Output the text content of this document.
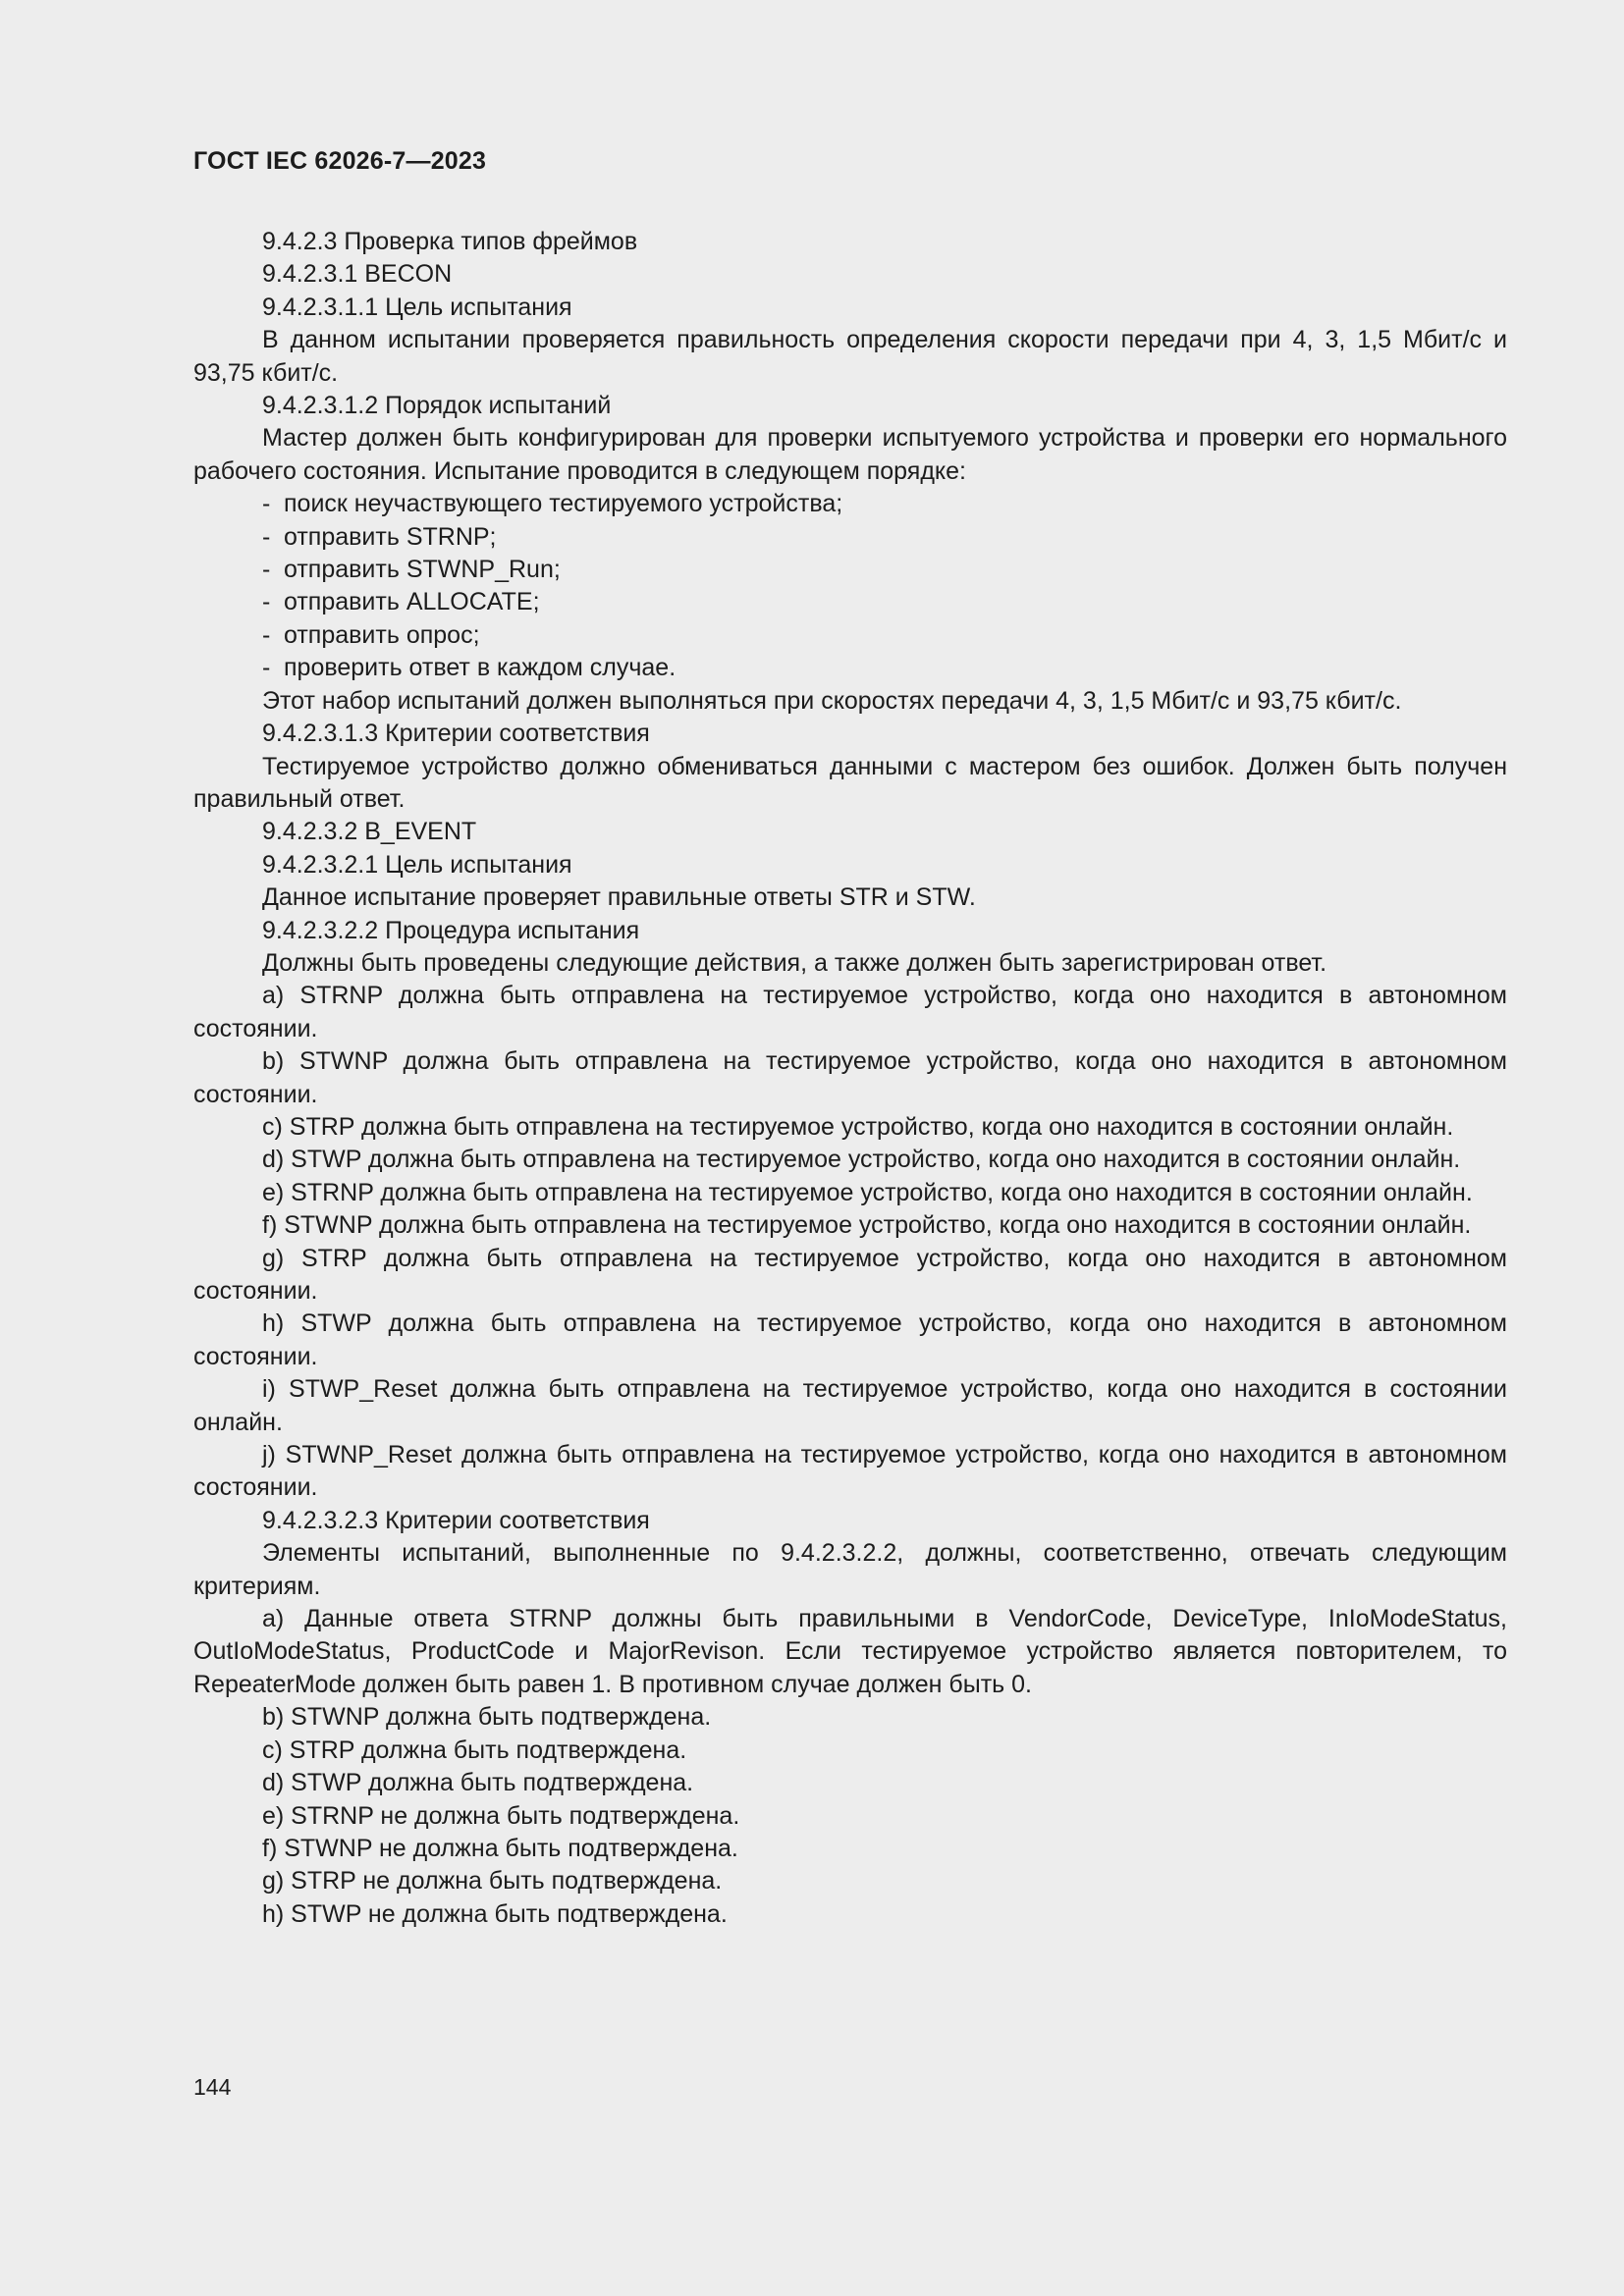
ГОСТ IEC 62026-7—2023

9.4.2.3 Проверка типов фреймов

9.4.2.3.1 BECON

9.4.2.3.1.1 Цель испытания

В данном испытании проверяется правильность определения скорости передачи при 4, 3, 1,5 Мбит/с и 93,75 кбит/с.

9.4.2.3.1.2 Порядок испытаний

Мастер должен быть конфигурирован для проверки испытуемого устройства и проверки его нормального рабочего состояния. Испытание проводится в следующем порядке:

- поиск неучаствующего тестируемого устройства;
- отправить STRNP;
- отправить STWNP_Run;
- отправить ALLOCATE;
- отправить опрос;
- проверить ответ в каждом случае.

Этот набор испытаний должен выполняться при скоростях передачи 4, 3, 1,5 Мбит/с и 93,75 кбит/с.

9.4.2.3.1.3 Критерии соответствия

Тестируемое устройство должно обмениваться данными с мастером без ошибок. Должен быть получен правильный ответ.

9.4.2.3.2 B_EVENT

9.4.2.3.2.1 Цель испытания

Данное испытание проверяет правильные ответы STR и STW.

9.4.2.3.2.2 Процедура испытания

Должны быть проведены следующие действия, а также должен быть зарегистрирован ответ.

a) STRNP должна быть отправлена на тестируемое устройство, когда оно находится в автономном состоянии.

b) STWNP должна быть отправлена на тестируемое устройство, когда оно находится в автономном состоянии.

c) STRP должна быть отправлена на тестируемое устройство, когда оно находится в состоянии онлайн.

d) STWP должна быть отправлена на тестируемое устройство, когда оно находится в состоянии онлайн.

e) STRNP должна быть отправлена на тестируемое устройство, когда оно находится в состоянии онлайн.

f) STWNP должна быть отправлена на тестируемое устройство, когда оно находится в состоянии онлайн.

g) STRP должна быть отправлена на тестируемое устройство, когда оно находится в автономном состоянии.

h) STWP должна быть отправлена на тестируемое устройство, когда оно находится в автономном состоянии.

i) STWP_Reset должна быть отправлена на тестируемое устройство, когда оно находится в состоянии онлайн.

j) STWNP_Reset должна быть отправлена на тестируемое устройство, когда оно находится в автономном состоянии.

9.4.2.3.2.3 Критерии соответствия

Элементы испытаний, выполненные по 9.4.2.3.2.2, должны, соответственно, отвечать следующим критериям.

a) Данные ответа STRNP должны быть правильными в VendorCode, DeviceType, InIoModeStatus, OutIoModeStatus, ProductCode и MajorRevison. Если тестируемое устройство является повторителем, то RepeaterMode должен быть равен 1. В противном случае должен быть 0.

b) STWNP должна быть подтверждена.

c) STRP должна быть подтверждена.

d) STWP должна быть подтверждена.

e) STRNP не должна быть подтверждена.

f) STWNP не должна быть подтверждена.

g) STRP не должна быть подтверждена.

h) STWP не должна быть подтверждена.

144
